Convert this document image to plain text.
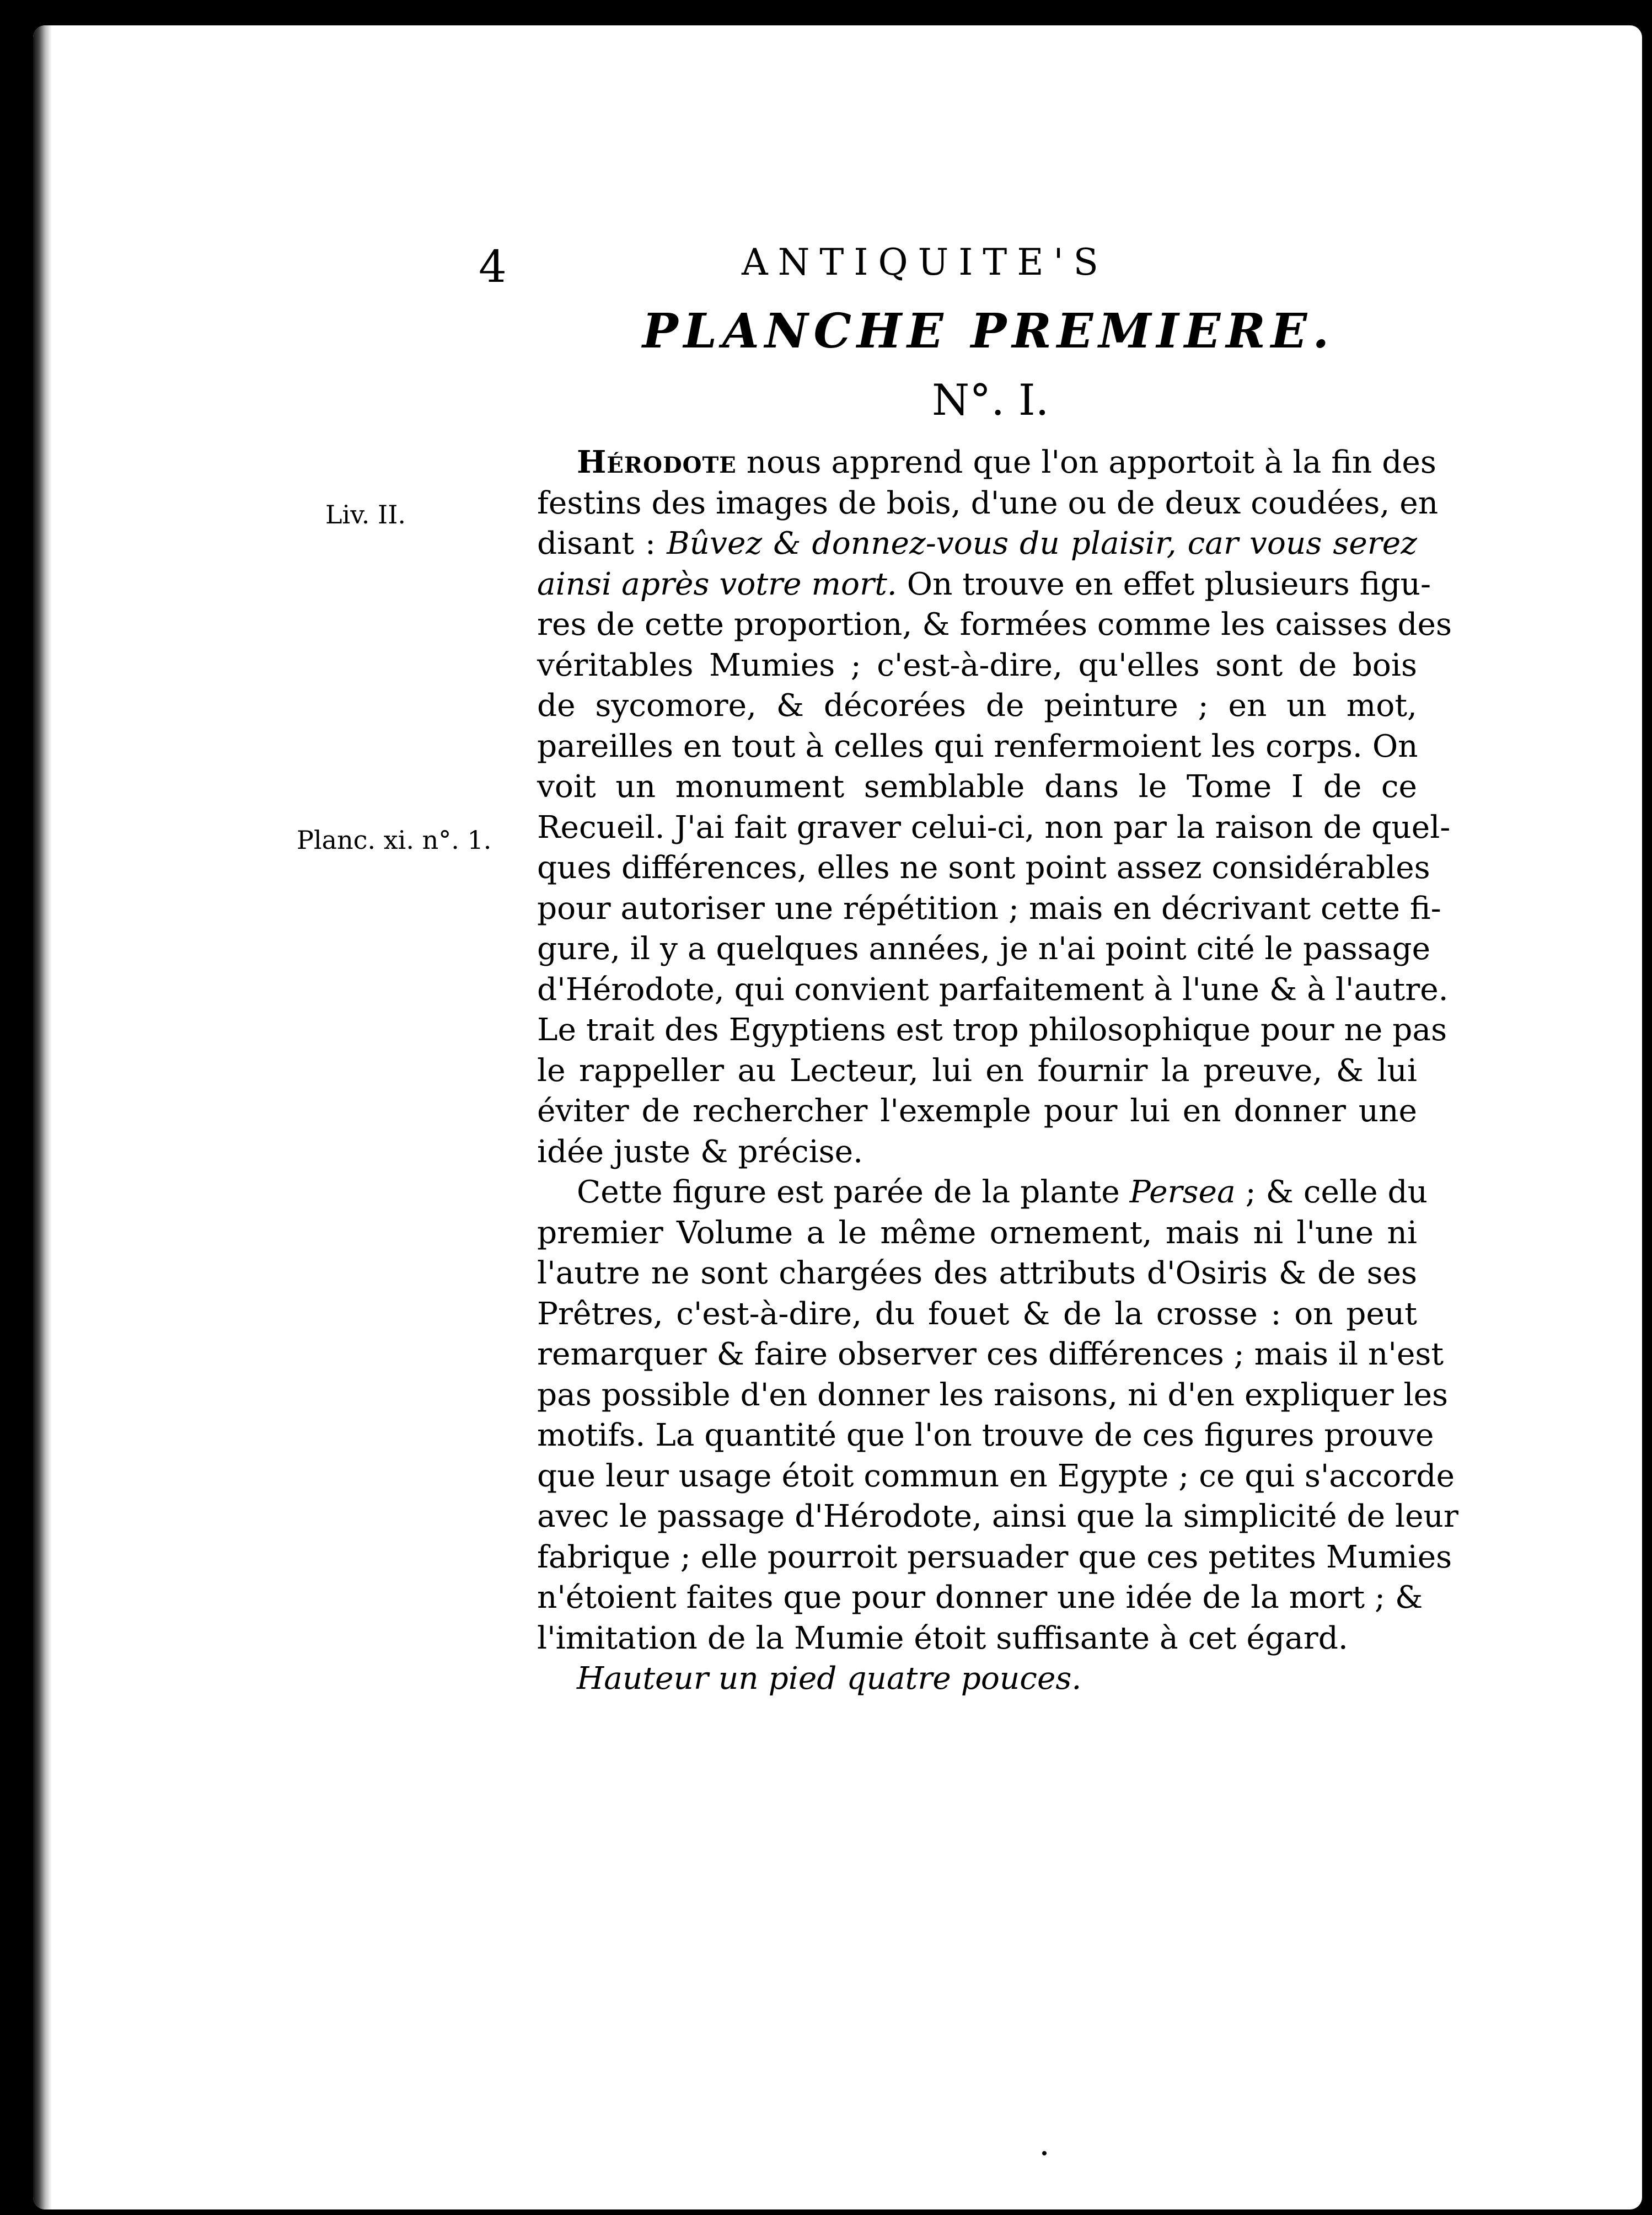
4	ANTIQUITE'S
PLANCHE PREMIERE.
N°. I.
Liv. II.
Planc. xi. n°. 1.
Hérodote nous apprend que l'on apportoit à la fin des
festins des images de bois, d'une ou de deux coudées, en
disant : Bûvez & donnez-vous du plaisir, car vous serez
ainsi après votre mort. On trouve en effet plusieurs figu-
res de cette proportion, & formées comme les caisses des
véritables Mumies ; c'est-à-dire, qu'elles sont de bois
de sycomore, & décorées de peinture ; en un mot,
pareilles en tout à celles qui renfermoient les corps. On
voit un monument semblable dans le Tome I de ce
Recueil. J'ai fait graver celui-ci, non par la raison de quel-
ques différences, elles ne sont point assez considérables
pour autoriser une répétition ; mais en décrivant cette fi-
gure, il y a quelques années, je n'ai point cité le passage
d'Hérodote, qui convient parfaitement à l'une & à l'autre.
Le trait des Egyptiens est trop philosophique pour ne pas
le rappeller au Lecteur, lui en fournir la preuve, & lui
éviter de rechercher l'exemple pour lui en donner une
idée juste & précise.
Cette figure est parée de la plante Persea ; & celle du
premier Volume a le même ornement, mais ni l'une ni
l'autre ne sont chargées des attributs d'Osiris & de ses
Prêtres, c'est-à-dire, du fouet & de la crosse : on peut
remarquer & faire observer ces différences ; mais il n'est
pas possible d'en donner les raisons, ni d'en expliquer les
motifs. La quantité que l'on trouve de ces figures prouve
que leur usage étoit commun en Egypte ; ce qui s'accorde
avec le passage d'Hérodote, ainsi que la simplicité de leur
fabrique ; elle pourroit persuader que ces petites Mumies
n'étoient faites que pour donner une idée de la mort ; &
l'imitation de la Mumie étoit suffisante à cet égard.
Hauteur un pied quatre pouces.
